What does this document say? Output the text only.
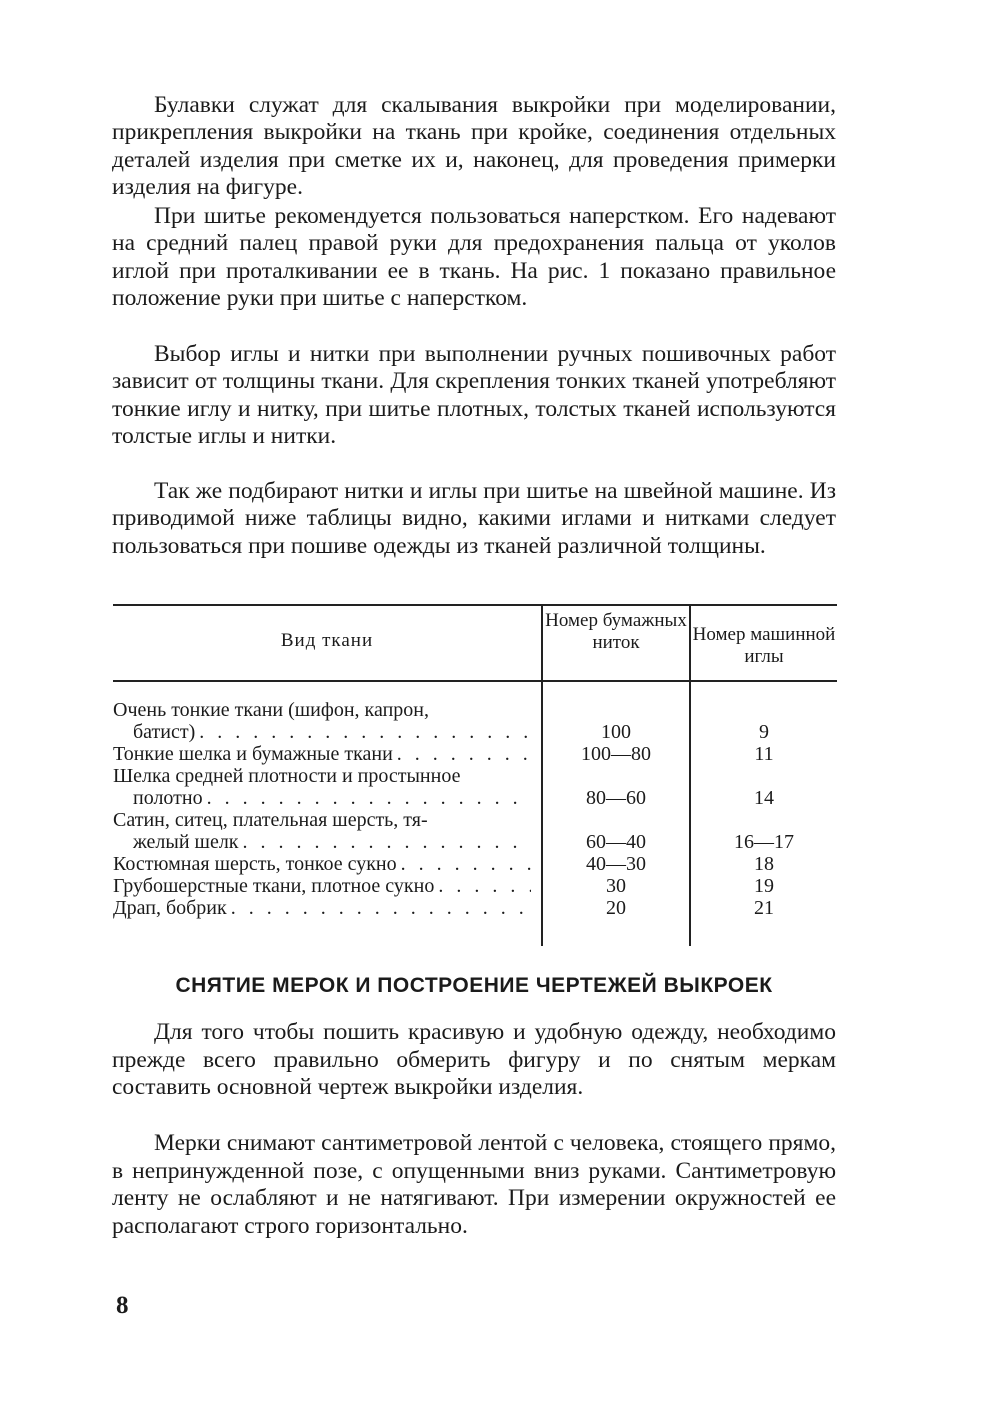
Булавки служат для скалывания выкройки при моделировании, прикрепления выкройки на ткань при кройке, соединения отдельных деталей изделия при сметке их и, наконец, для проведения примерки изделия на фигуре.

При шитье рекомендуется пользоваться наперстком. Его надевают на средний палец правой руки для предохранения пальца от уколов иглой при проталкивании ее в ткань. На рис. 1 показано правильное положение руки при шитье с наперстком.

Выбор иглы и нитки при выполнении ручных пошивочных работ зависит от толщины ткани. Для скрепления тонких тканей употребляют тонкие иглу и нитку, при шитье плотных, толстых тканей используются толстые иглы и нитки.

Так же подбирают нитки и иглы при шитье на швейной машине. Из приводимой ниже таблицы видно, какими иглами и нитками следует пользоваться при пошиве одежды из тканей различной толщины.

Вид ткани

Номер бумажных ниток	Номер машинной иглы

Очень тонкие ткани (шифон, капрон,
батист) . . .	100	9
Тонкие шелка и бумажные ткани . . .	100—80	11
Шелка средней плотности и простынное
полотно . . .	80—60	14
Сатин, ситец, плательная шерсть, тя-
желый шелк . . .	60—40	16—17
Костюмная шерсть, тонкое сукно . . .	40—30	18
Грубошерстные ткани, плотное сукно . . .	30	19
Драп, бобрик . . .	20	21
СНЯТИЕ МЕРОК И ПОСТРОЕНИЕ ЧЕРТЕЖЕЙ ВЫКРОЕК

Для того чтобы пошить красивую и удобную одежду, необходимо прежде всего правильно обмерить фигуру и по снятым меркам составить основной чертеж выкройки изделия.

Мерки снимают сантиметровой лентой с человека, стоящего прямо, в непринужденной позе, с опущенными вниз руками. Сантиметровую ленту не ослабляют и не натягивают. При измерении окружностей ее располагают строго горизонтально.

8
